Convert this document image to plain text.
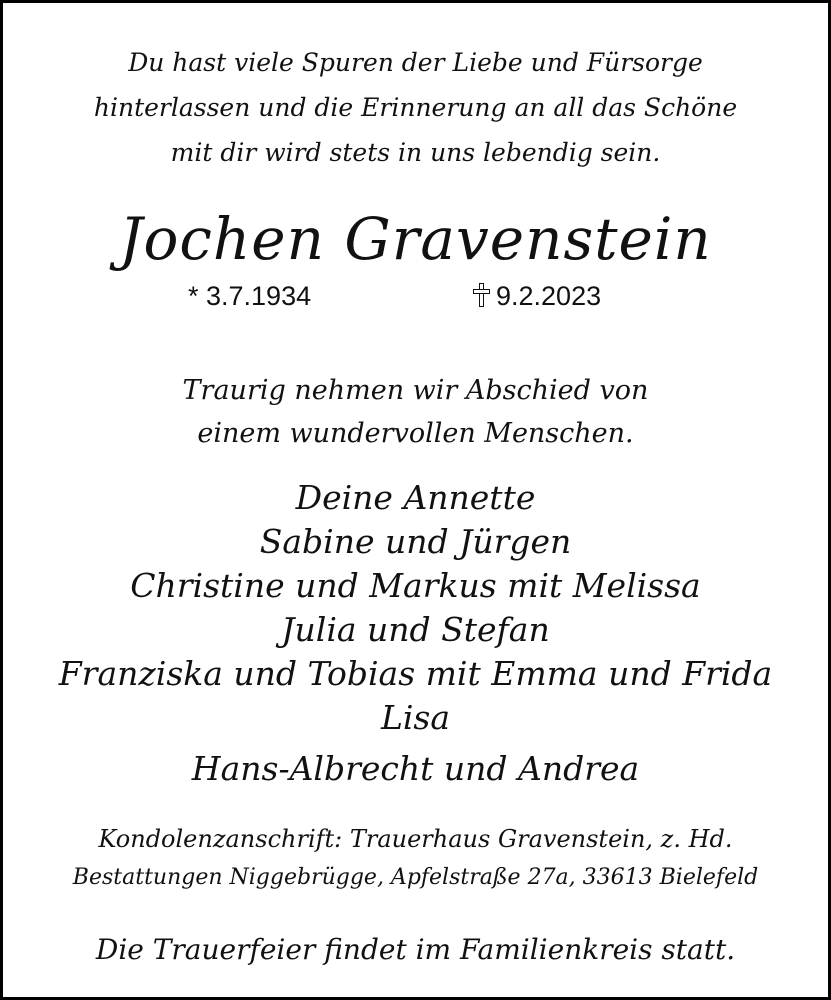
Du hast viele Spuren der Liebe und Fürsorge
hinterlassen und die Erinnerung an all das Schöne
mit dir wird stets in uns lebendig sein.
Jochen Gravenstein
* 3.7.1934	9.2.2023
Traurig nehmen wir Abschied von
einem wundervollen Menschen.
Deine Annette
Sabine und Jürgen
Christine und Markus mit Melissa
Julia und Stefan
Franziska und Tobias mit Emma und Frida
Lisa
Hans-Albrecht und Andrea
Kondolenzanschrift: Trauerhaus Gravenstein, z. Hd.
Bestattungen Niggebrügge, Apfelstraße 27a, 33613 Bielefeld
Die Trauerfeier findet im Familienkreis statt.
